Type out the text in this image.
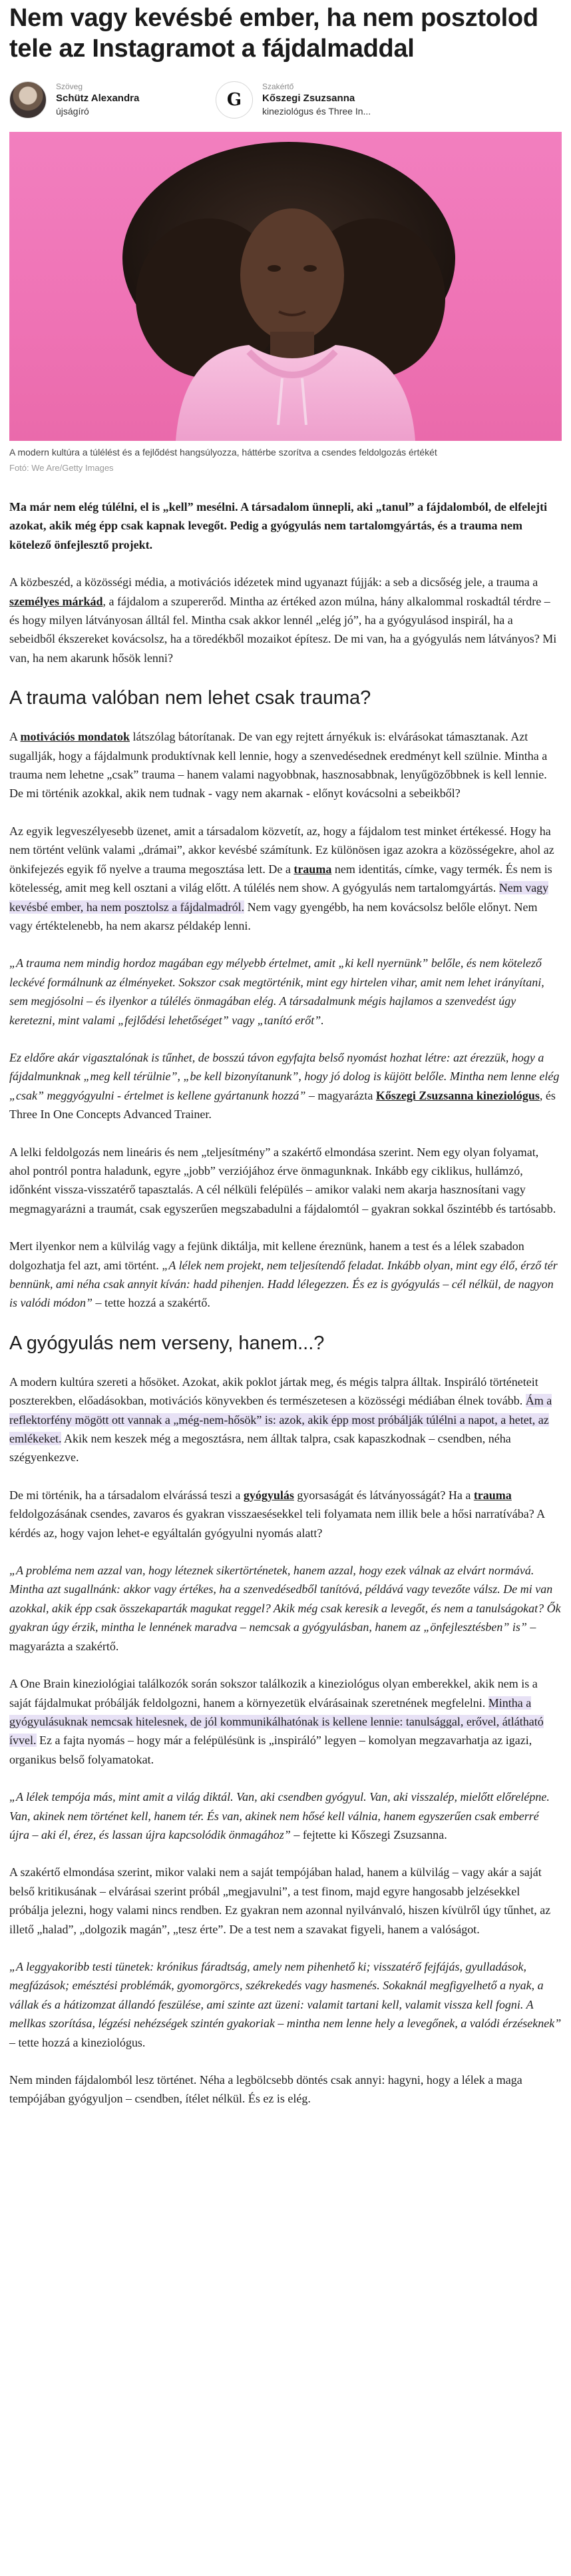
Nem vagy kevésbé ember, ha nem posztolod tele az Instagramot a fájdalmaddal
Szöveg
Schütz Alexandra
újságíró
G
Szakértő
Kőszegi Zsuzsanna
kineziológus és Three In...
A modern kultúra a túlélést és a fejlődést hangsúlyozza, háttérbe szorítva a csendes feldolgozás értékét
Fotó: We Are/Getty Images

Ma már nem elég túlélni, el is „kell” mesélni. A társadalom ünnepli, aki „tanul” a fájdalomból, de elfelejti azokat, akik még épp csak kapnak levegőt. Pedig a gyógyulás nem tartalomgyártás, és a trauma nem kötelező önfejlesztő projekt.

A közbeszéd, a közösségi média, a motivációs idézetek mind ugyanazt fújják: a seb a dicsőség jele, a trauma a személyes márkád, a fájdalom a szupererőd. Mintha az értéked azon múlna, hány alkalommal roskadtál térdre – és hogy milyen látványosan álltál fel. Mintha csak akkor lennél „elég jó”, ha a gyógyulásod inspirál, ha a sebeidből ékszereket kovácsolsz, ha a töredékből mozaikot építesz. De mi van, ha a gyógyulás nem látványos? Mi van, ha nem akarunk hősök lenni?

A trauma valóban nem lehet csak trauma?

A motivációs mondatok látszólag bátorítanak. De van egy rejtett árnyékuk is: elvárásokat támasztanak. Azt sugallják, hogy a fájdalmunk produktívnak kell lennie, hogy a szenvedésednek eredményt kell szülnie. Mintha a trauma nem lehetne „csak” trauma – hanem valami nagyobbnak, hasznosabbnak, lenyűgözőbbnek is kell lennie. De mi történik azokkal, akik nem tudnak - vagy nem akarnak - előnyt kovácsolni a sebeikből?

Az egyik legveszélyesebb üzenet, amit a társadalom közvetít, az, hogy a fájdalom test minket értékessé. Hogy ha nem történt velünk valami „drámai”, akkor kevésbé számítunk. Ez különösen igaz azokra a közösségekre, ahol az önkifejezés egyik fő nyelve a trauma megosztása lett. De a trauma nem identitás, címke, vagy termék. És nem is kötelesség, amit meg kell osztani a világ előtt. A túlélés nem show. A gyógyulás nem tartalomgyártás. Nem vagy kevésbé ember, ha nem posztolsz a fájdalmadról. Nem vagy gyengébb, ha nem kovácsolsz belőle előnyt. Nem vagy értéktelenebb, ha nem akarsz példakép lenni.

„A trauma nem mindig hordoz magában egy mélyebb értelmet, amit „ki kell nyernünk” belőle, és nem kötelező leckévé formálnunk az élményeket. Sokszor csak megtörténik, mint egy hirtelen vihar, amit nem lehet irányítani, sem megjósolni – és ilyenkor a túlélés önmagában elég. A társadalmunk mégis hajlamos a szenvedést úgy keretezni, mint valami „fejlődési lehetőséget” vagy „tanító erőt”.

Ez eldőre akár vigasztalónak is tűnhet, de bosszú távon egyfajta belső nyomást hozhat létre: azt érezzük, hogy a fájdalmunknak „meg kell térülnie”, „be kell bizonyítanunk”, hogy jó dolog is küjött belőle. Mintha nem lenne elég „csak” meggyógyulni - értelmet is kellene gyártanunk hozzá” – magyarázta Kőszegi Zsuzsanna kineziológus, és Three In One Concepts Advanced Trainer.

A lelki feldolgozás nem lineáris és nem „teljesítmény” a szakértő elmondása szerint. Nem egy olyan folyamat, ahol pontról pontra haladunk, egyre „jobb” verziójához érve önmagunknak. Inkább egy ciklikus, hullámzó, időnként vissza-visszatérő tapasztalás. A cél nélküli felépülés – amikor valaki nem akarja hasznosítani vagy megmagyarázni a traumát, csak egyszerűen megszabadulni a fájdalomtól – gyakran sokkal őszintébb és tartósabb.

Mert ilyenkor nem a külvilág vagy a fejünk diktálja, mit kellene éreznünk, hanem a test és a lélek szabadon dolgozhatja fel azt, ami történt. „A lélek nem projekt, nem teljesítendő feladat. Inkább olyan, mint egy élő, érző tér bennünk, ami néha csak annyit kíván: hadd pihenjen. Hadd lélegezzen. És ez is gyógyulás – cél nélkül, de nagyon is valódi módon” – tette hozzá a szakértő.

A gyógyulás nem verseny, hanem...?

A modern kultúra szereti a hősöket. Azokat, akik poklot jártak meg, és mégis talpra álltak. Inspiráló történeteit poszterekben, előadásokban, motivációs könyvekben és természetesen a közösségi médiában élnek tovább. Ám a reflektorfény mögött ott vannak a „még-nem-hősök” is: azok, akik épp most próbálják túlélni a napot, a hetet, az emlékeket. Akik nem keszek még a megosztásra, nem álltak talpra, csak kapaszkodnak – csendben, néha szégyenkezve.

De mi történik, ha a társadalom elvárássá teszi a gyógyulás gyorsaságát és látványosságát? Ha a trauma feldolgozásának csendes, zavaros és gyakran visszaesésekkel teli folyamata nem illik bele a hősi narratívába? A kérdés az, hogy vajon lehet-e egyáltalán gyógyulni nyomás alatt?

„A probléma nem azzal van, hogy léteznek sikertörténetek, hanem azzal, hogy ezek válnak az elvárt normává. Mintha azt sugallnánk: akkor vagy értékes, ha a szenvedésedből tanítóvá, példává vagy tevezőte válsz. De mi van azokkal, akik épp csak összekaparták magukat reggel? Akik még csak keresik a levegőt, és nem a tanulságokat? Ők gyakran úgy érzik, mintha le lennének maradva – nemcsak a gyógyulásban, hanem az „önfejlesztésben” is” – magyarázta a szakértő.

A One Brain kineziológiai találkozók során sokszor találkozik a kineziológus olyan emberekkel, akik nem is a saját fájdalmukat próbálják feldolgozni, hanem a környezetük elvárásainak szeretnének megfelelni. Mintha a gyógyulásuknak nemcsak hitelesnek, de jól kommunikálhatónak is kellene lennie: tanulsággal, erővel, átlátható ívvel. Ez a fajta nyomás – hogy már a felépülésünk is „inspiráló” legyen – komolyan megzavarhatja az igazi, organikus belső folyamatokat.

„A lélek tempója más, mint amit a világ diktál. Van, aki csendben gyógyul. Van, aki visszalép, mielőtt előrelépne. Van, akinek nem történet kell, hanem tér. És van, akinek nem hősé kell válnia, hanem egyszerűen csak emberré újra – aki él, érez, és lassan újra kapcsolódik önmagához” – fejtette ki Kőszegi Zsuzsanna.

A szakértő elmondása szerint, mikor valaki nem a saját tempójában halad, hanem a külvilág – vagy akár a saját belső kritikusának – elvárásai szerint próbál „megjavulni”, a test finom, majd egyre hangosabb jelzésekkel próbálja jelezni, hogy valami nincs rendben. Ez gyakran nem azonnal nyilvánvaló, hiszen kívülről úgy tűnhet, az illető „halad”, „dolgozik magán”, „tesz érte”. De a test nem a szavakat figyeli, hanem a valóságot.

„A leggyakoribb testi tünetek: krónikus fáradtság, amely nem pihenhető ki; visszatérő fejfájás, gyulladások, megfázások; emésztési problémák, gyomorgörcs, székrekedés vagy hasmenés. Sokaknál megfigyelhető a nyak, a vállak és a hátizomzat állandó feszülése, ami szinte azt üzeni: valamit tartani kell, valamit vissza kell fogni. A mellkas szorítása, légzési nehézségek szintén gyakoriak – mintha nem lenne hely a levegőnek, a valódi érzéseknek” – tette hozzá a kineziológus.

Nem minden fájdalomból lesz történet. Néha a legbölcsebb döntés csak annyi: hagyni, hogy a lélek a maga tempójában gyógyuljon – csendben, ítélet nélkül. És ez is elég.
